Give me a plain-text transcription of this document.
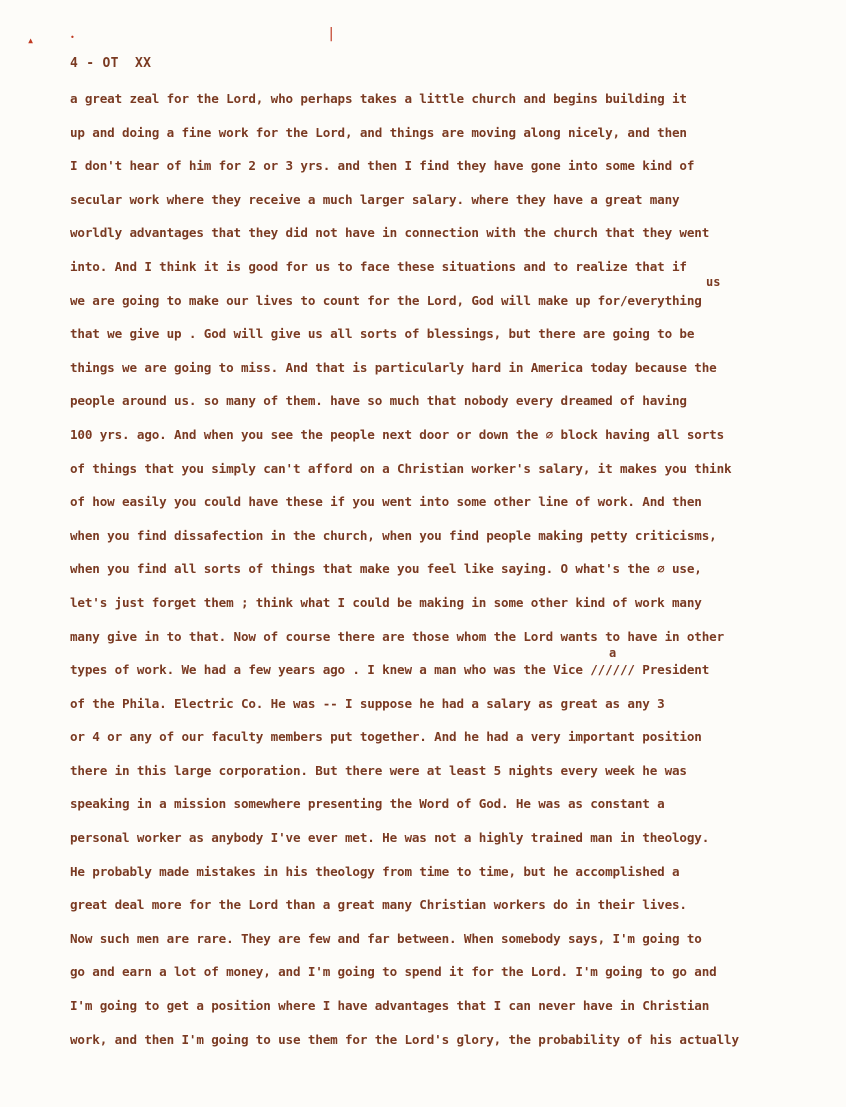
▴	•	|
4 - OT  XX
a great zeal for the Lord, who perhaps takes a little church and begins building it
up and doing a fine work for the Lord, and things are moving along nicely, and then
I don't hear of him for 2 or 3 yrs. and then I find they have gone into some kind of
secular work where they receive a much larger salary. where they have a great many
worldly advantages that they did not have in connection with the church that they went
into. And I think it is good for us to face these situations and to realize that if
we are going to make our lives to count for the Lord, God will make up for/everything
that we give up . God will give us all sorts of blessings, but there are going to be
things we are going to miss. And that is particularly hard in America today because the
people around us. so many of them. have so much that nobody every dreamed of having
100 yrs. ago. And when you see the people next door or down the ∅ block having all sorts
of things that you simply can't afford on a Christian worker's salary, it makes you think
of how easily you could have these if you went into some other line of work. And then
when you find dissafection in the church, when you find people making petty criticisms,
when you find all sorts of things that make you feel like saying. O what's the ∅ use,
let's just forget them ; think what I could be making in some other kind of work many
many give in to that. Now of course there are those whom the Lord wants to have in other
types of work. We had a few years ago . I knew a man who was the Vice ////// President
of the Phila. Electric Co. He was -- I suppose he had a salary as great as any 3
or 4 or any of our faculty members put together. And he had a very important position
there in this large corporation. But there were at least 5 nights every week he was
speaking in a mission somewhere presenting the Word of God. He was as constant a
personal worker as anybody I've ever met. He was not a highly trained man in theology.
He probably made mistakes in his theology from time to time, but he accomplished a
great deal more for the Lord than a great many Christian workers do in their lives.
Now such men are rare. They are few and far between. When somebody says, I'm going to
go and earn a lot of money, and I'm going to spend it for the Lord. I'm going to go and
I'm going to get a position where I have advantages that I can never have in Christian
work, and then I'm going to use them for the Lord's glory, the probability of his actually
us
a
